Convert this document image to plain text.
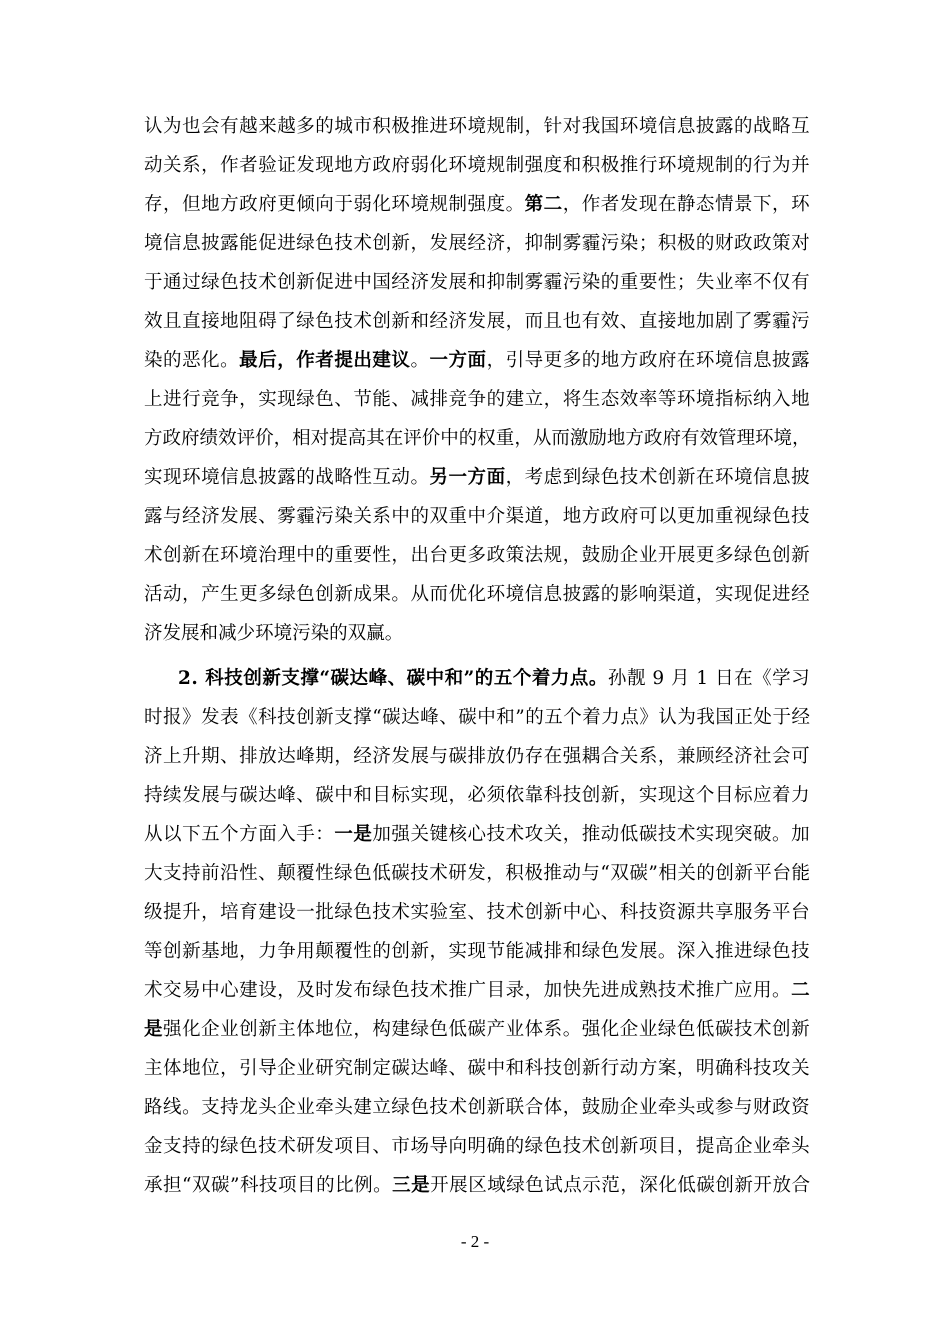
认 为 也 会 有 越 来 越 多 的 城 市 积 极 推 进 环 境 规 制 ， 针 对 我 国 环 境 信 息 披 露 的 战 略 互
动 关 系 ， 作 者 验 证 发 现 地 方 政 府 弱 化 环 境 规 制 强 度 和 积 极 推 行 环 境 规 制 的 行 为 并
存 ， 但 地 方 政 府 更 倾 向 于 弱 化 环 境 规 制 强 度 。 第 二 ， 作 者 发 现 在 静 态 情 景 下 ， 环
境 信 息 披 露 能 促 进 绿 色 技 术 创 新 ， 发 展 经 济 ， 抑 制 雾 霾 污 染 ； 积 极 的 财 政 政 策 对
于 通 过 绿 色 技 术 创 新 促 进 中 国 经 济 发 展 和 抑 制 雾 霾 污 染 的 重 要 性 ； 失 业 率 不 仅 有
效 且 直 接 地 阻 碍 了 绿 色 技 术 创 新 和 经 济 发 展 ， 而 且 也 有 效 、 直 接 地 加 剧 了 雾 霾 污
染 的 恶 化 。 最 后 ， 作 者 提 出 建 议 。 一 方 面 ， 引 导 更 多 的 地 方 政 府 在 环 境 信 息 披 露
上 进 行 竞 争 ， 实 现 绿 色 、 节 能 、 减 排 竞 争 的 建 立 ， 将 生 态 效 率 等 环 境 指 标 纳 入 地
方 政 府 绩 效 评 价 ， 相 对 提 高 其 在 评 价 中 的 权 重 ， 从 而 激 励 地 方 政 府 有 效 管 理 环 境 ，
实 现 环 境 信 息 披 露 的 战 略 性 互 动 。 另 一 方 面 ， 考 虑 到 绿 色 技 术 创 新 在 环 境 信 息 披
露 与 经 济 发 展 、 雾 霾 污 染 关 系 中 的 双 重 中 介 渠 道 ， 地 方 政 府 可 以 更 加 重 视 绿 色 技
术 创 新 在 环 境 治 理 中 的 重 要 性 ， 出 台 更 多 政 策 法 规 ， 鼓 励 企 业 开 展 更 多 绿 色 创 新
活 动 ， 产 生 更 多 绿 色 创 新 成 果 。 从 而 优 化 环 境 信 息 披 露 的 影 响 渠 道 ， 实 现 促 进 经
济 发 展 和 减 少 环 境 污 染 的 双 赢 。
2 .
科 技 创 新 支 撑 “ 碳 达 峰 、 碳 中 和 ” 的 五 个 着 力 点 。 孙 靓
9
月
1
日 在 《 学 习
时 报 》 发 表 《 科 技 创 新 支 撑 “ 碳 达 峰 、 碳 中 和 ” 的 五 个 着 力 点 》 认 为 我 国 正 处 于 经
济 上 升 期 、 排 放 达 峰 期 ， 经 济 发 展 与 碳 排 放 仍 存 在 强 耦 合 关 系 ， 兼 顾 经 济 社 会 可
持 续 发 展 与 碳 达 峰 、 碳 中 和 目 标 实 现 ， 必 须 依 靠 科 技 创 新 ， 实 现 这 个 目 标 应 着 力
从 以 下 五 个 方 面 入 手 ： 一 是 加 强 关 键 核 心 技 术 攻 关 ， 推 动 低 碳 技 术 实 现 突 破 。 加
大 支 持 前 沿 性 、 颠 覆 性 绿 色 低 碳 技 术 研 发 ， 积 极 推 动 与 “ 双 碳 ” 相 关 的 创 新 平 台 能
级 提 升 ， 培 育 建 设 一 批 绿 色 技 术 实 验 室 、 技 术 创 新 中 心 、 科 技 资 源 共 享 服 务 平 台
等 创 新 基 地 ， 力 争 用 颠 覆 性 的 创 新 ， 实 现 节 能 减 排 和 绿 色 发 展 。 深 入 推 进 绿 色 技
术 交 易 中 心 建 设 ， 及 时 发 布 绿 色 技 术 推 广 目 录 ， 加 快 先 进 成 熟 技 术 推 广 应 用 。 二
是 强 化 企 业 创 新 主 体 地 位 ， 构 建 绿 色 低 碳 产 业 体 系 。 强 化 企 业 绿 色 低 碳 技 术 创 新
主 体 地 位 ， 引 导 企 业 研 究 制 定 碳 达 峰 、 碳 中 和 科 技 创 新 行 动 方 案 ， 明 确 科 技 攻 关
路 线 。 支 持 龙 头 企 业 牵 头 建 立 绿 色 技 术 创 新 联 合 体 ， 鼓 励 企 业 牵 头 或 参 与 财 政 资
金 支 持 的 绿 色 技 术 研 发 项 目 、 市 场 导 向 明 确 的 绿 色 技 术 创 新 项 目 ， 提 高 企 业 牵 头
承 担 “ 双 碳 ” 科 技 项 目 的 比 例 。 三 是 开 展 区 域 绿 色 试 点 示 范 ， 深 化 低 碳 创 新 开 放 合
- 2 -
